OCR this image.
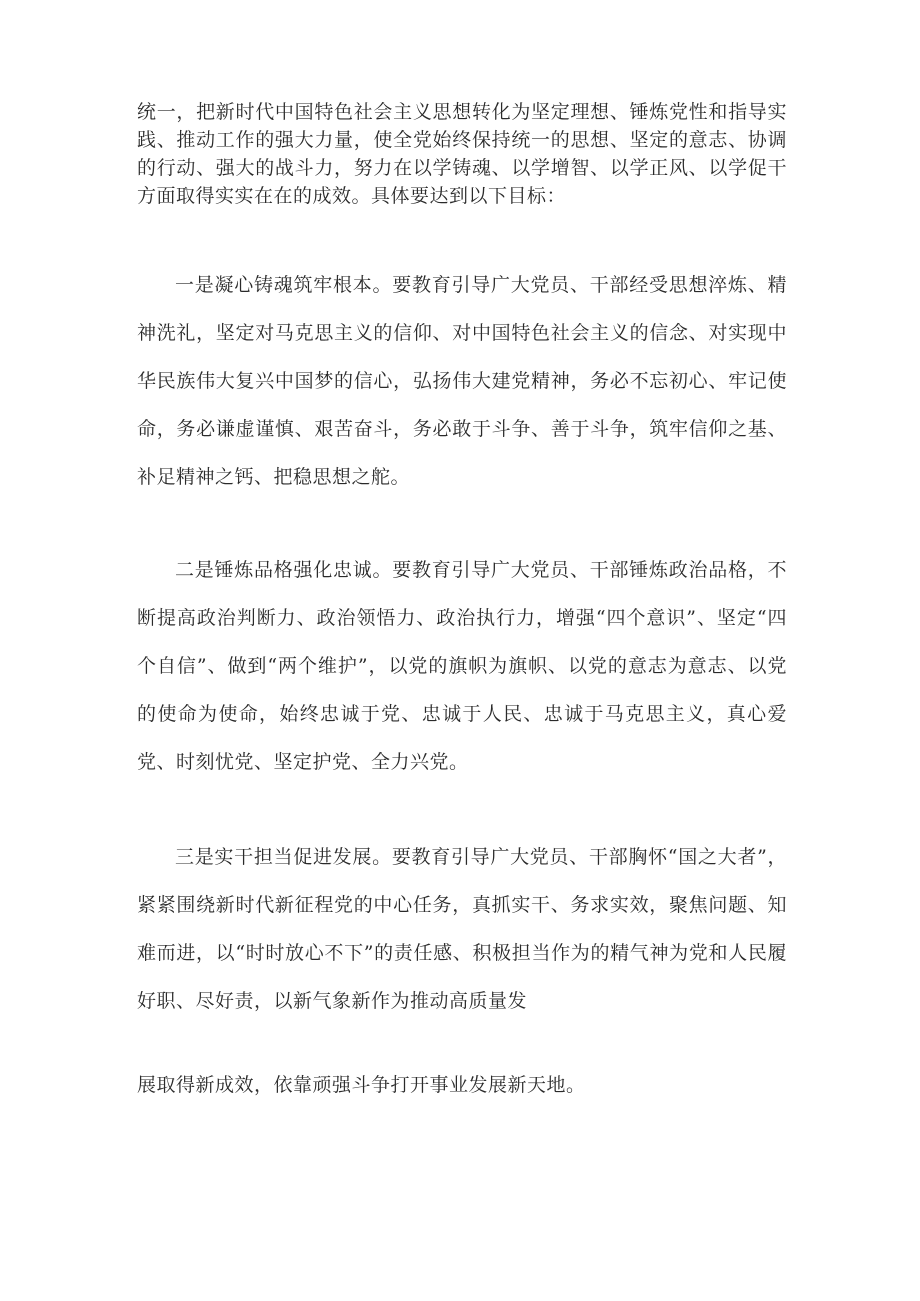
统一，把新时代中国特色社会主义思想转化为坚定理想、锤炼党性和指导实践、推动工作的强大力量，使全党始终保持统一的思想、坚定的意志、协调的行动、强大的战斗力，努力在以学铸魂、以学增智、以学正风、以学促干方面取得实实在在的成效。具体要达到以下目标：

一是凝心铸魂筑牢根本。要教育引导广大党员、干部经受思想淬炼、精神洗礼，坚定对马克思主义的信仰、对中国特色社会主义的信念、对实现中华民族伟大复兴中国梦的信心，弘扬伟大建党精神，务必不忘初心、牢记使命，务必谦虚谨慎、艰苦奋斗，务必敢于斗争、善于斗争，筑牢信仰之基、补足精神之钙、把稳思想之舵。

二是锤炼品格强化忠诚。要教育引导广大党员、干部锤炼政治品格，不断提高政治判断力、政治领悟力、政治执行力，增强“四个意识”、坚定“四个自信”、做到“两个维护”，以党的旗帜为旗帜、以党的意志为意志、以党的使命为使命，始终忠诚于党、忠诚于人民、忠诚于马克思主义，真心爱党、时刻忧党、坚定护党、全力兴党。

三是实干担当促进发展。要教育引导广大党员、干部胸怀“国之大者”，紧紧围绕新时代新征程党的中心任务，真抓实干、务求实效，聚焦问题、知难而进，以“时时放心不下”的责任感、积极担当作为的精气神为党和人民履好职、尽好责，以新气象新作为推动高质量发

展取得新成效，依靠顽强斗争打开事业发展新天地。
